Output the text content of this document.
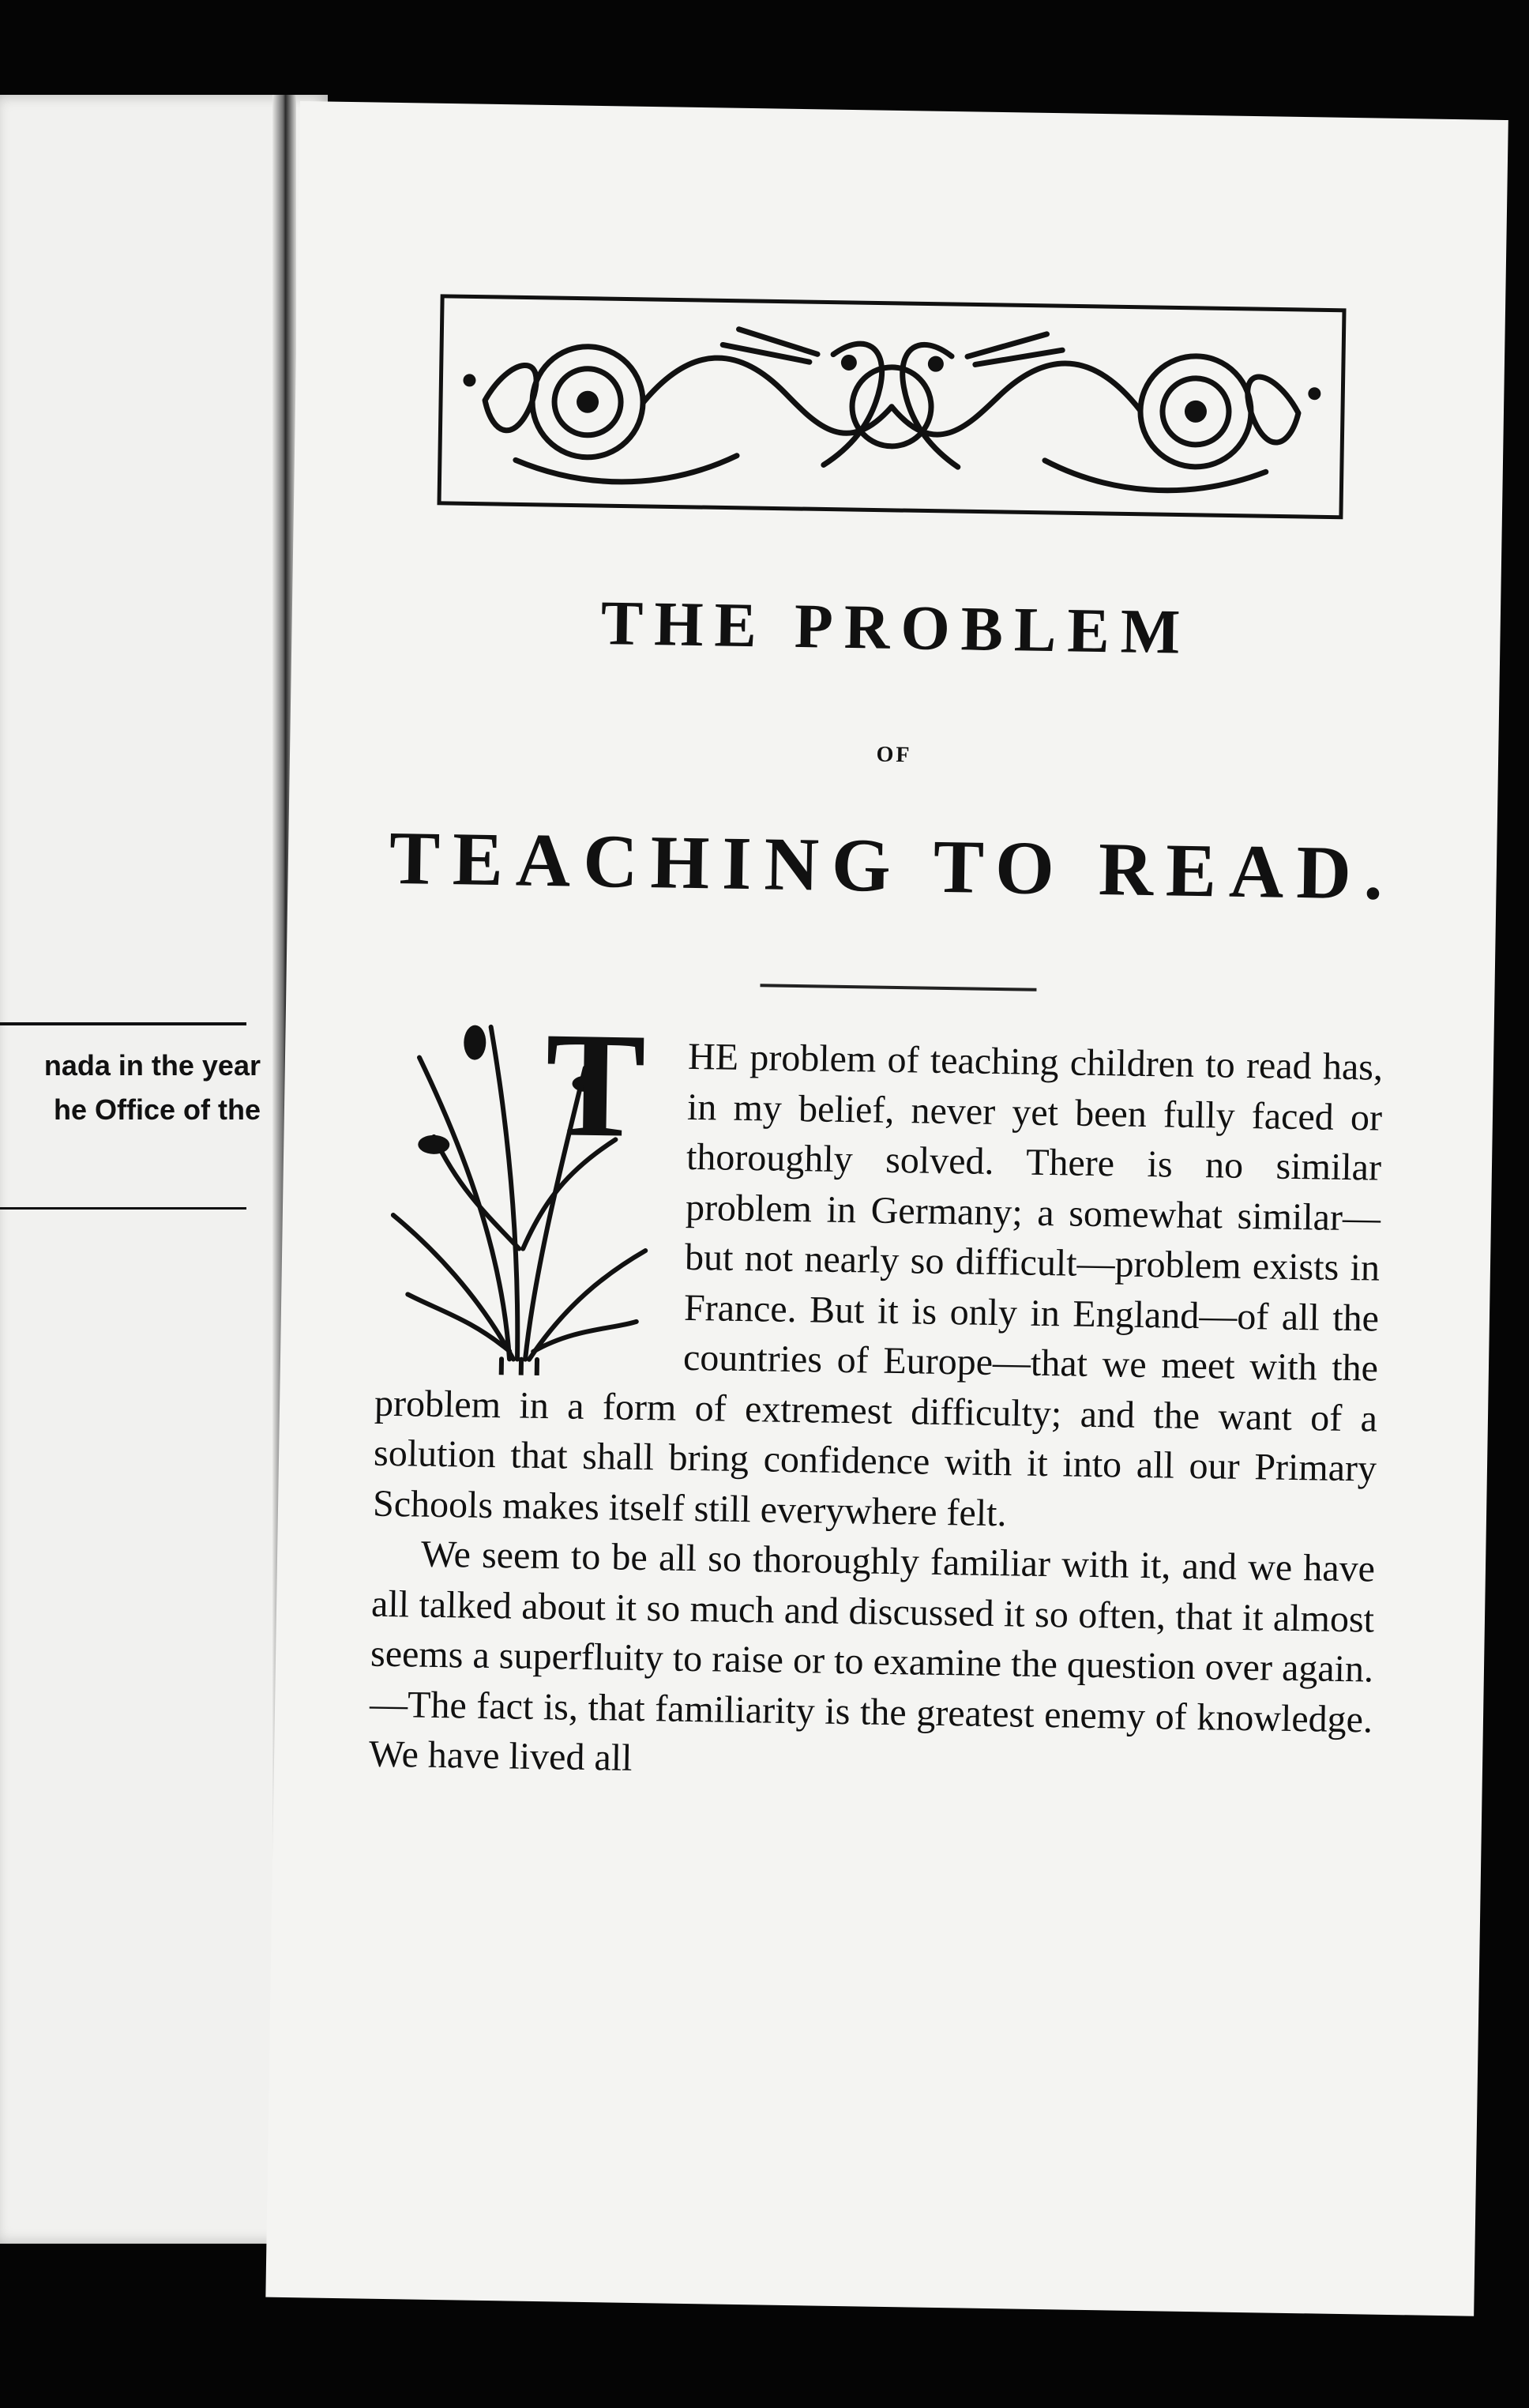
nada in the year
he Office of the
THE PROBLEM
OF
TEACHING TO READ.
T	HE problem of teaching children to read has, in my belief, never yet been fully faced or thoroughly solved. There is no similar problem in Germany; a somewhat similar—but not nearly so difficult—problem exists in France. But it is only in England—of all the countries of Europe—that we meet with the problem in a form of extremest difficulty; and the want of a solution that shall bring confidence with it into all our Primary Schools makes itself still everywhere felt.

We seem to be all so thoroughly familiar with it, and we have all talked about it so much and discussed it so often, that it almost seems a superfluity to raise or to examine the question over again.—The fact is, that familiarity is the greatest enemy of knowledge. We have lived all
